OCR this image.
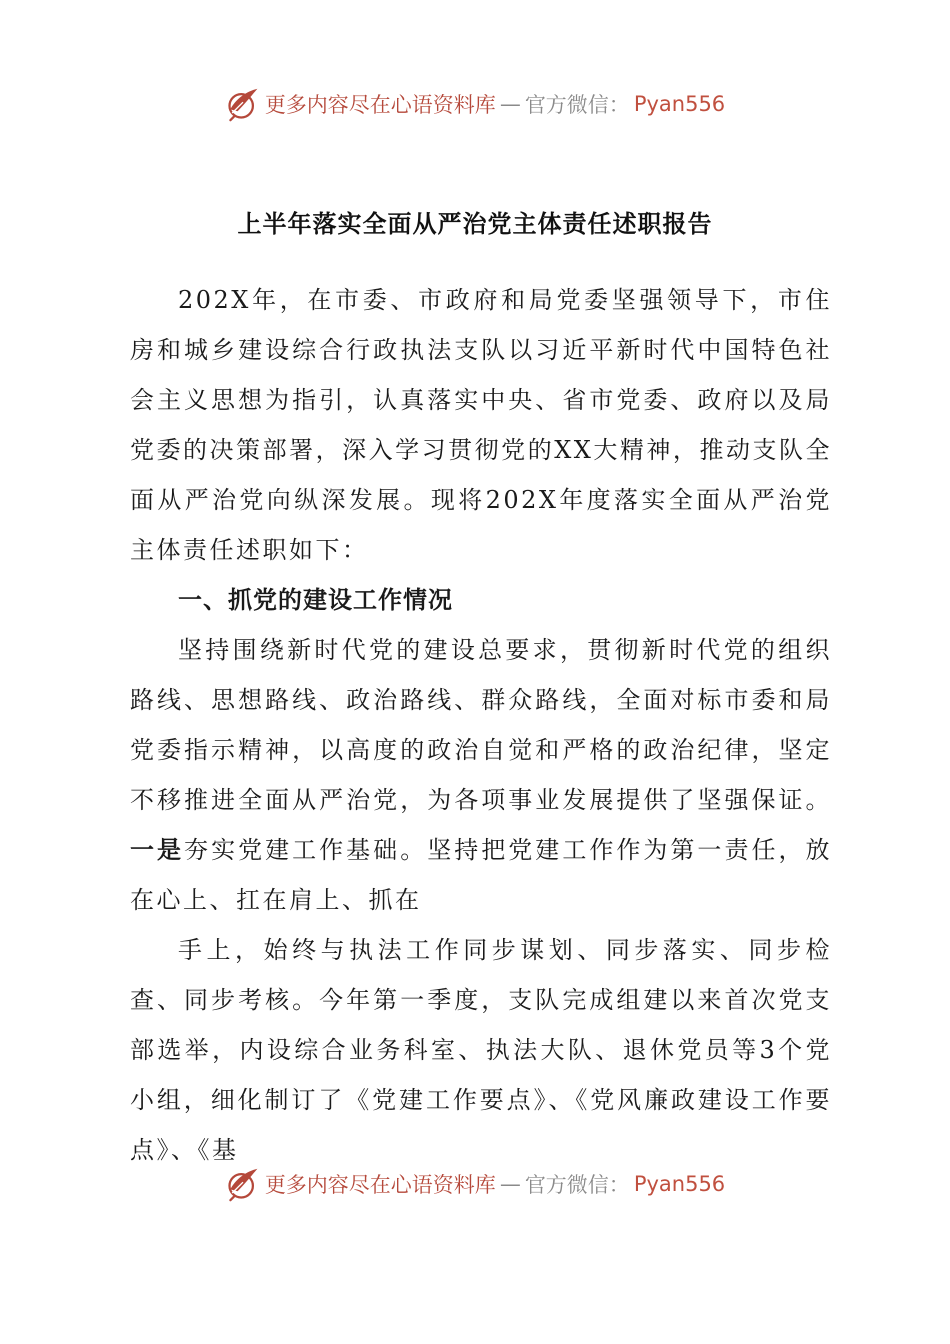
更多内容尽在心语资料库 — 官方微信： Pyan556
上半年落实全面从严治党主体责任述职报告

202X年，在市委、市政府和局党委坚强领导下，市住房和城乡建设综合行政执法支队以习近平新时代中国特色社会主义思想为指引，认真落实中央、省市党委、政府以及局党委的决策部署，深入学习贯彻党的XX大精神，推动支队全面从严治党向纵深发展。现将202X年度落实全面从严治党主体责任述职如下：

一、抓党的建设工作情况

坚持围绕新时代党的建设总要求，贯彻新时代党的组织路线、思想路线、政治路线、群众路线，全面对标市委和局党委指示精神，以高度的政治自觉和严格的政治纪律，坚定不移推进全面从严治党，为各项事业发展提供了坚强保证。一是夯实党建工作基础。坚持把党建工作作为第一责任，放在心上、扛在肩上、抓在

手上，始终与执法工作同步谋划、同步落实、同步检查、同步考核。今年第一季度，支队完成组建以来首次党支部选举，内设综合业务科室、执法大队、退休党员等3个党小组，细化制订了《党建工作要点》、《党风廉政建设工作要点》、《基

更多内容尽在心语资料库 — 官方微信： Pyan556
